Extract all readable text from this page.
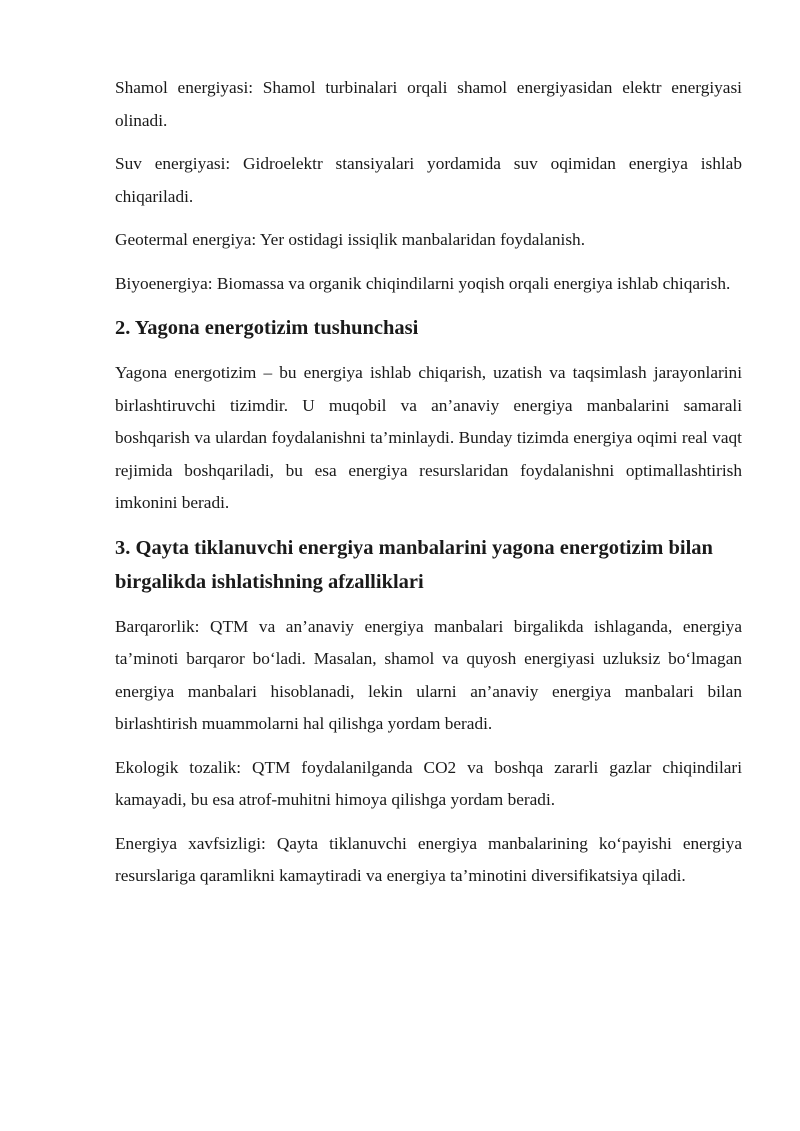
Shamol energiyasi: Shamol turbinalari orqali shamol energiyasidan elektr energiyasi olinadi.

Suv energiyasi: Gidroelektr stansiyalari yordamida suv oqimidan energiya ishlab chiqariladi.

Geotermal energiya: Yer ostidagi issiqlik manbalaridan foydalanish.

Biyoenergiya: Biomassa va organik chiqindilarni yoqish orqali energiya ishlab chiqarish.

2. Yagona energotizim tushunchasi

Yagona energotizim – bu energiya ishlab chiqarish, uzatish va taqsimlash jarayonlarini birlashtiruvchi tizimdir. U muqobil va an’anaviy energiya manbalarini samarali boshqarish va ulardan foydalanishni ta’minlaydi. Bunday tizimda energiya oqimi real vaqt rejimida boshqariladi, bu esa energiya resurslaridan foydalanishni optimallashtirish imkonini beradi.

3. Qayta tiklanuvchi energiya manbalarini yagona energotizim bilan birgalikda ishlatishning afzalliklari

Barqarorlik: QTM va an’anaviy energiya manbalari birgalikda ishlaganda, energiya ta’minoti barqaror bo‘ladi. Masalan, shamol va quyosh energiyasi uzluksiz bo‘lmagan energiya manbalari hisoblanadi, lekin ularni an’anaviy energiya manbalari bilan birlashtirish muammolarni hal qilishga yordam beradi.

Ekologik tozalik: QTM foydalanilganda CO2 va boshqa zararli gazlar chiqindilari kamayadi, bu esa atrof-muhitni himoya qilishga yordam beradi.

Energiya xavfsizligi: Qayta tiklanuvchi energiya manbalarining ko‘payishi energiya resurslariga qaramlikni kamaytiradi va energiya ta’minotini diversifikatsiya qiladi.
